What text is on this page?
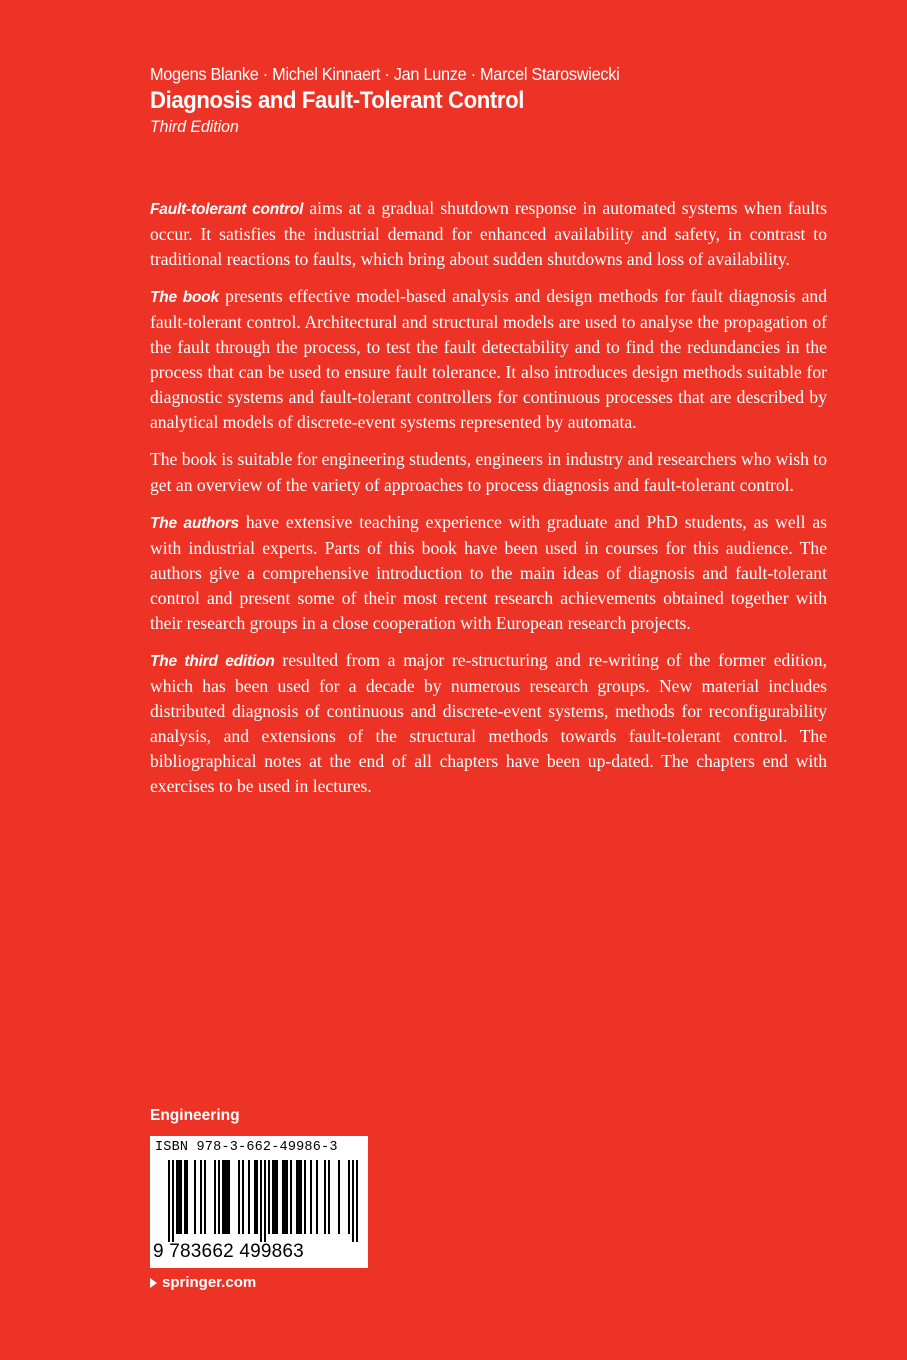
Mogens Blanke · Michel Kinnaert · Jan Lunze · Marcel Staroswiecki
Diagnosis and Fault-Tolerant Control
Third Edition

Fault-tolerant control aims at a gradual shutdown response in automated systems when faults occur. It satisfies the industrial demand for enhanced availability and safety, in contrast to traditional reactions to faults, which bring about sudden shutdowns and loss of availability.

The book presents effective model-based analysis and design methods for fault diagnosis and fault-tolerant control. Architectural and structural models are used to analyse the propagation of the fault through the process, to test the fault detectability and to find the redundancies in the process that can be used to ensure fault tolerance. It also introduces design methods suitable for diagnostic systems and fault-tolerant controllers for continuous processes that are described by analytical models of discrete-event systems represented by automata.

The book is suitable for engineering students, engineers in industry and researchers who wish to get an overview of the variety of approaches to process diagnosis and fault-tolerant control.

The authors have extensive teaching experience with graduate and PhD students, as well as with industrial experts. Parts of this book have been used in courses for this audience. The authors give a comprehensive introduction to the main ideas of diagnosis and fault-tolerant control and present some of their most recent research achievements obtained together with their research groups in a close cooperation with European research projects.

The third edition resulted from a major re-structuring and re-writing of the former edition, which has been used for a decade by numerous research groups. New material includes distributed diagnosis of continuous and discrete-event systems, methods for reconfigurability analysis, and extensions of the structural methods towards fault-tolerant control. The bibliographical notes at the end of all chapters have been up-dated. The chapters end with exercises to be used in lectures.

Engineering
ISBN 978-3-662-49986-3
9 783662 499863
springer.com
